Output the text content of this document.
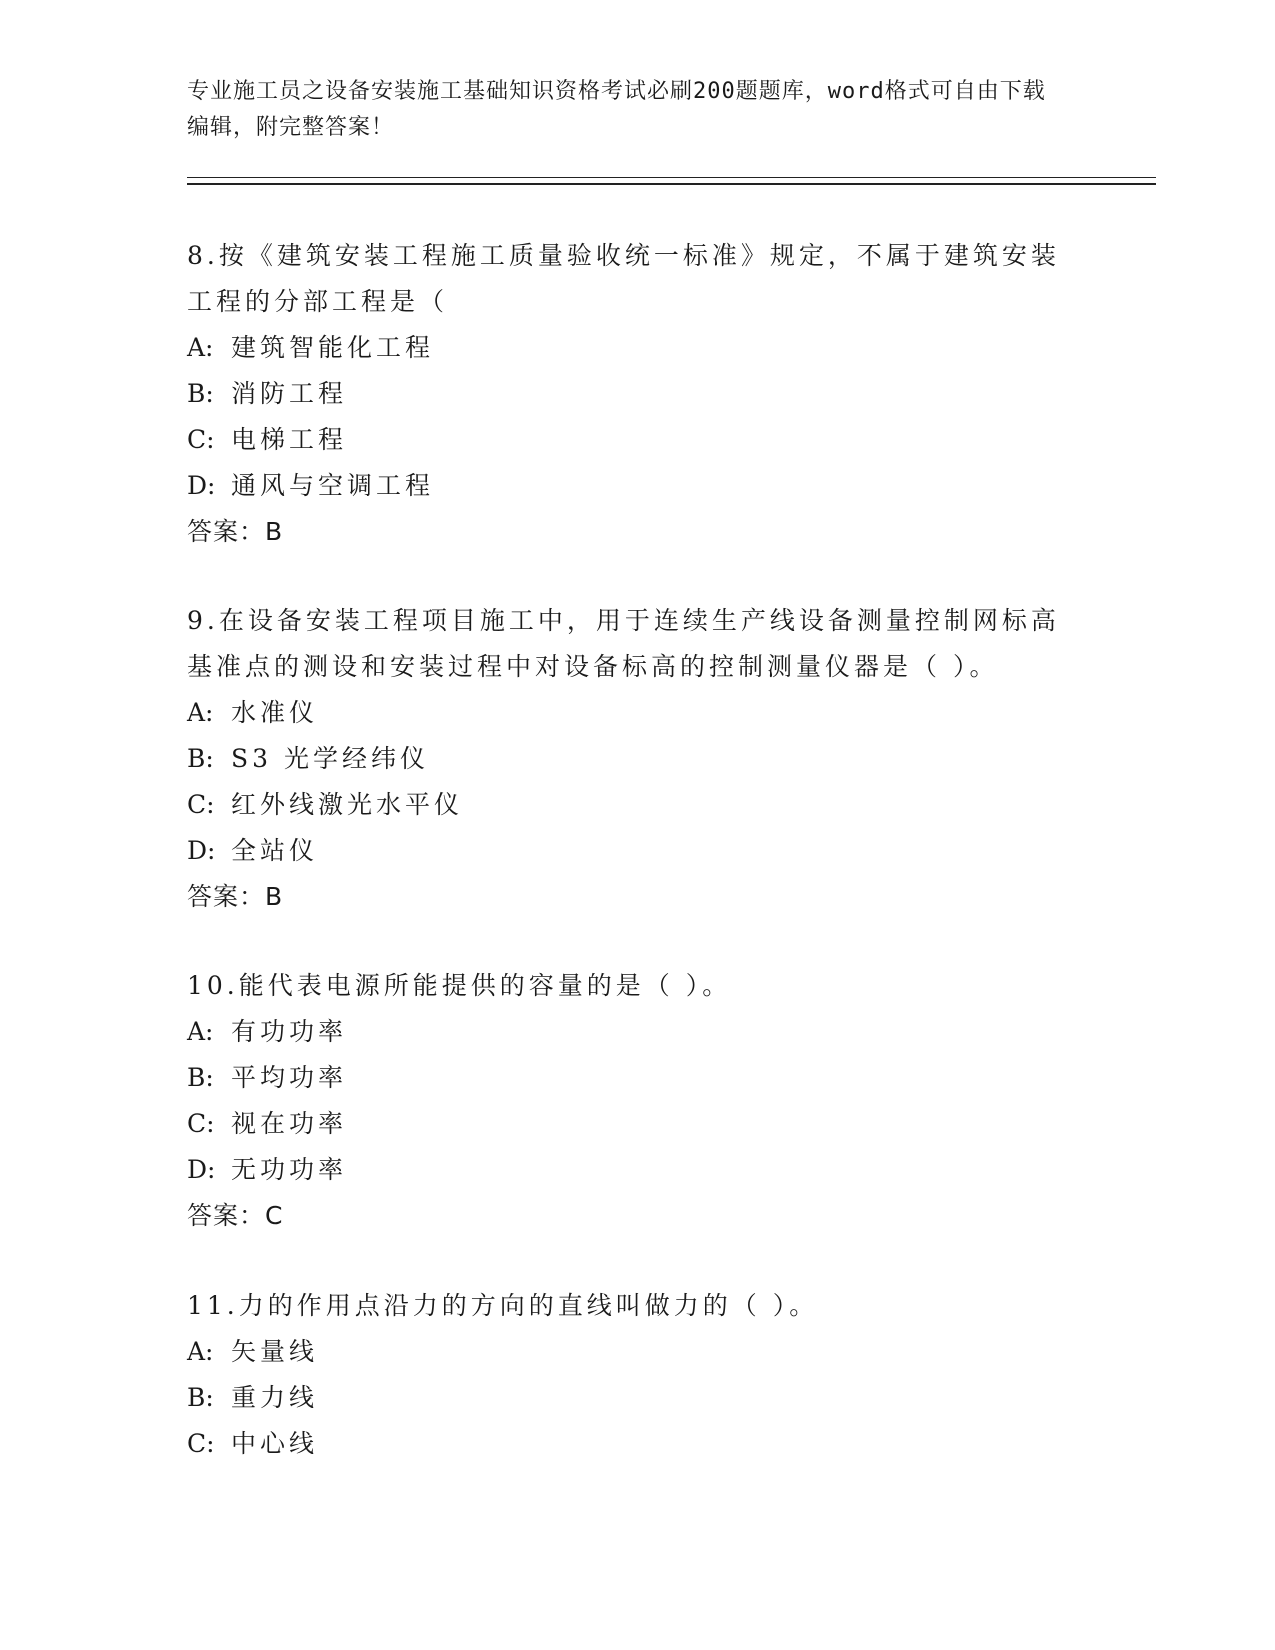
专业施工员之设备安装施工基础知识资格考试必刷200题题库，word格式可自由下载编辑，附完整答案！

8.按《建筑安装工程施工质量验收统一标准》规定，不属于建筑安装工程的分部工程是（

A: 建筑智能化工程
B: 消防工程
C: 电梯工程
D: 通风与空调工程
答案：B

9.在设备安装工程项目施工中，用于连续生产线设备测量控制网标高基准点的测设和安装过程中对设备标高的控制测量仪器是（ ）。

A: 水准仪
B: S3 光学经纬仪
C: 红外线激光水平仪
D: 全站仪
答案：B

10.能代表电源所能提供的容量的是（ ）。

A: 有功功率
B: 平均功率
C: 视在功率
D: 无功功率
答案：C

11.力的作用点沿力的方向的直线叫做力的（ ）。

A: 矢量线
B: 重力线
C: 中心线
